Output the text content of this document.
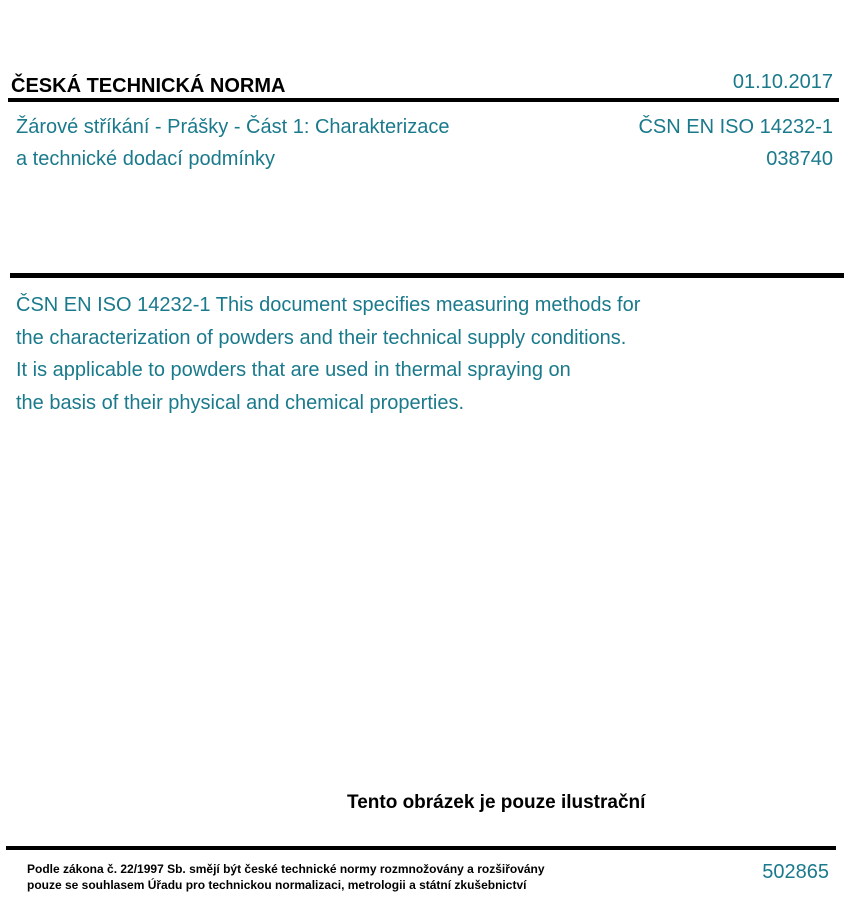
ČESKÁ TECHNICKÁ NORMA	01.10.2017
Žárové stříkání - Prášky - Část 1: Charakterizace
a technické dodací podmínky
ČSN EN ISO 14232-1
038740
ČSN EN ISO 14232-1 This document specifies measuring methods for
the characterization of powders and their technical supply conditions.
It is applicable to powders that are used in thermal spraying on
the basis of their physical and chemical properties.
Tento obrázek je pouze ilustrační
Podle zákona č. 22/1997 Sb. smějí být české technické normy rozmnožovány a rozšiřovány
pouze se souhlasem Úřadu pro technickou normalizaci, metrologii a státní zkušebnictví
502865
